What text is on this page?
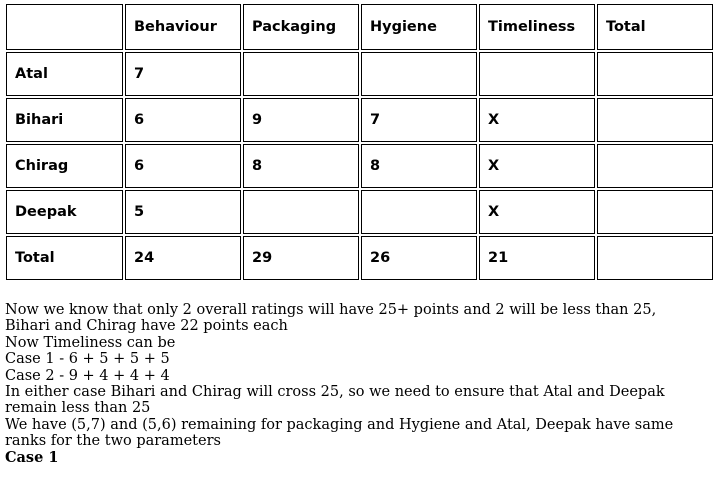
	Behaviour	Packaging	Hygiene	Timeliness	Total
Atal	7				
Bihari	6	9	7	X	
Chirag	6	8	8	X	
Deepak	5			X	
Total	24	29	26	21	

Now we know that only 2 overall ratings will have 25+ points and 2 will be less than 25, Bihari and Chirag have 22 points each

Now Timeliness can be

Case 1 - 6 + 5 + 5 + 5

Case 2 - 9 + 4 + 4 + 4

In either case Bihari and Chirag will cross 25, so we need to ensure that Atal and Deepak remain less than 25

We have (5,7) and (5,6) remaining for packaging and Hygiene and Atal, Deepak have same ranks for the two parameters

Case 1
